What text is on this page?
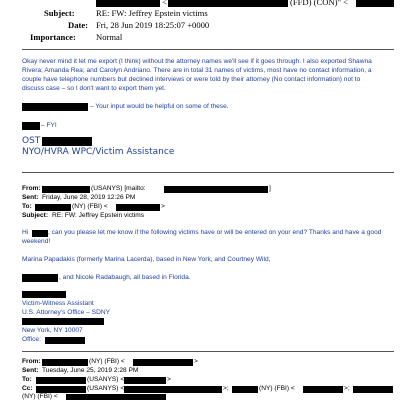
<	(FFD) (CON)" <
Subject: RE: FW: Jeffrey Epstein victims
Date: Fri, 28 Jun 2019 18:25:07 +0000
Importance: Normal
Okay never mind it let me export (I think) without the attorney names we'll see if it goes through. I also exported Shawna
Rivera; Amanda Rea; and Carolyn Andriano. There are in total 31 names of victims, most have no contact information, a
couple have telephone numbers but declined interviews or were told by their attorney (No contact information) not to
discuss case – so I don't want to export them yet.
– Your input would be helpful on some of these.
– FYI
OST
NYO/HVRA WPC/Victim Assistance
From:	(USANYS) [mailto:	]
Sent: Friday, June 28, 2019 12:26 PM
To:	(NY) (FBI) <	>
Subject: RE: FW: Jeffrey Epstein victims
Hi	, can you please let me know if the following victims have or will be entered on your end? Thanks and have a good
weekend!
Marina Papadakis (formerly Marina Lacerda), based in New York, and Courtney Wild,
, and Nicole Radabaugh, all based in Florida.
Victim-Witness Assistant
U.S. Attorney's Office – SDNY
New York, NY 10007
Office:
From:	(NY) (FBI) <	>
Sent: Tuesday, June 25, 2019 2:28 PM
To:	(USANYS) <	>
Cc:	(USANYS) <	>;	(NY) (FBI) <	>;
(NY) (FBI) <
